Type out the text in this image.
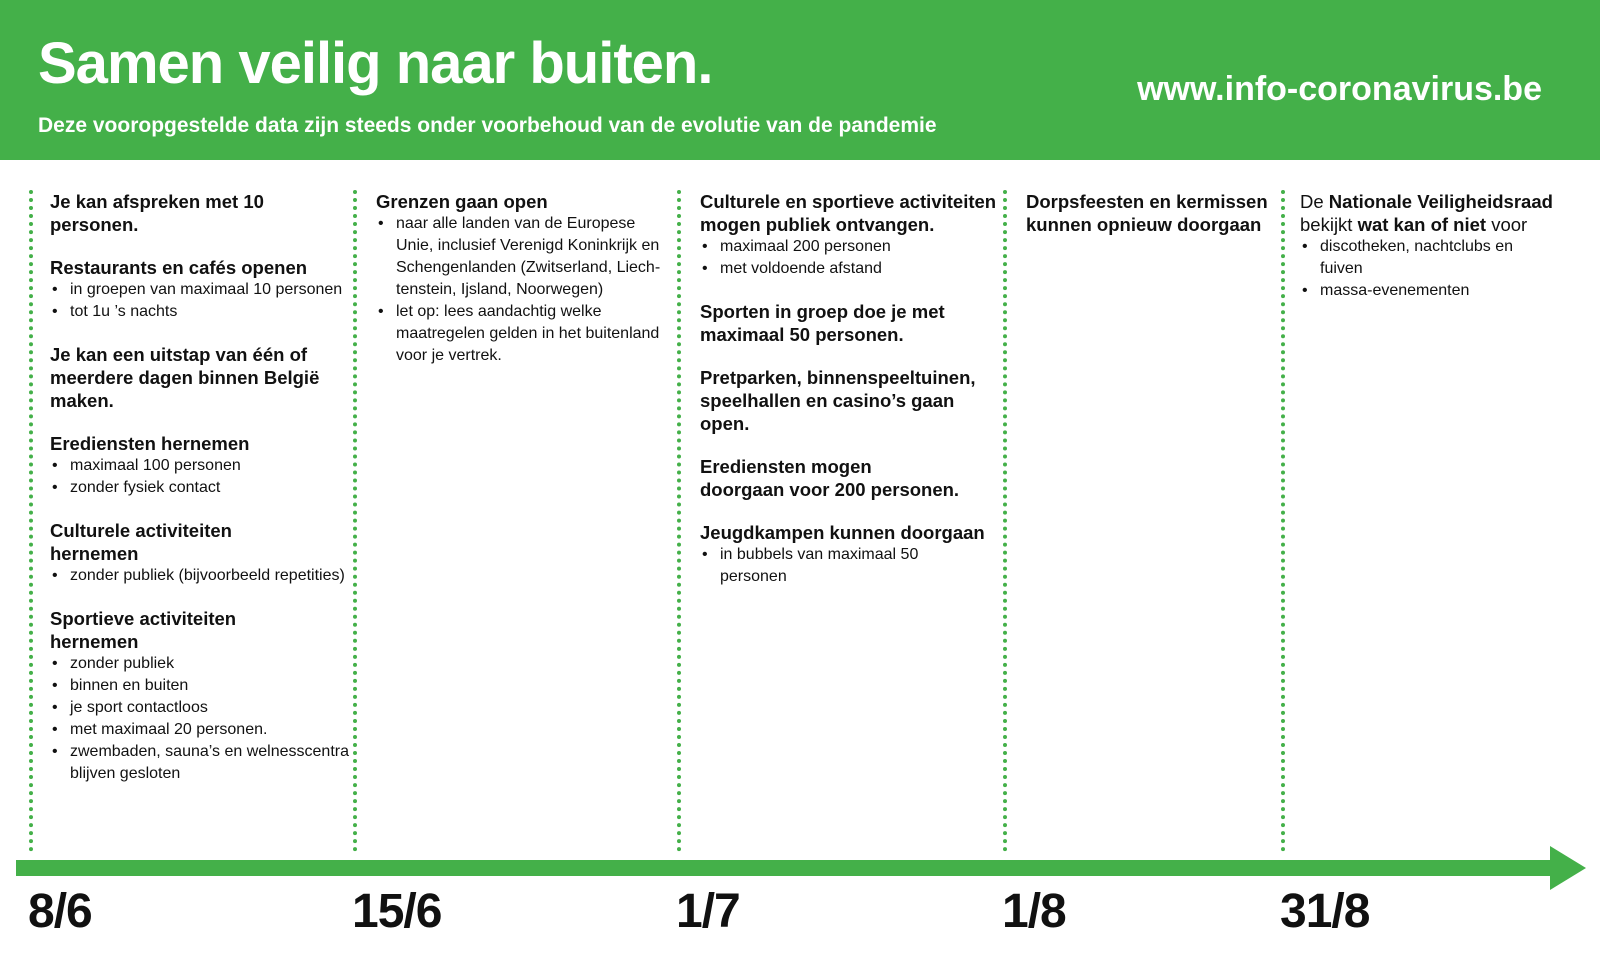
Samen veilig naar buiten.

Deze vooropgestelde data zijn steeds onder voorbehoud van de evolutie van de pandemie

www.info-coronavirus.be
Je kan afspreken met 10 personen.
Restaurants en cafés openen
• in groepen van maximaal 10 personen
• tot 1u ’s nachts
Je kan een uitstap van één of meerdere dagen binnen België maken.
Erediensten hernemen
• maximaal 100 personen
• zonder fysiek contact
Culturele activiteiten hernemen
• zonder publiek (bijvoorbeeld repetities)
Sportieve activiteiten hernemen
• zonder publiek
• binnen en buiten
• je sport contactloos
• met maximaal 20 personen.
• zwembaden, sauna’s en welnesscentra blijven gesloten
Grenzen gaan open
• naar alle landen van de Europese Unie, inclusief Verenigd Koninkrijk en Schengenlanden (Zwitserland, Liech-tenstein, Ijsland, Noorwegen)
• let op: lees aandachtig welke maatregelen gelden in het buitenland voor je vertrek.
Culturele en sportieve activiteiten mogen publiek ontvangen.
• maximaal 200 personen
• met voldoende afstand
Sporten in groep doe je met maximaal 50 personen.
Pretparken, binnenspeeltuinen, speelhallen en casino’s gaan open.
Erediensten mogen doorgaan voor 200 personen.
Jeugdkampen kunnen doorgaan
• in bubbels van maximaal 50 personen
Dorpsfeesten en kermissen kunnen opnieuw doorgaan
De Nationale Veiligheidsraad bekijkt wat kan of niet voor
• discotheken, nachtclubs en fuiven
• massa-evenementen
8/6	15/6	1/7	1/8	31/8
